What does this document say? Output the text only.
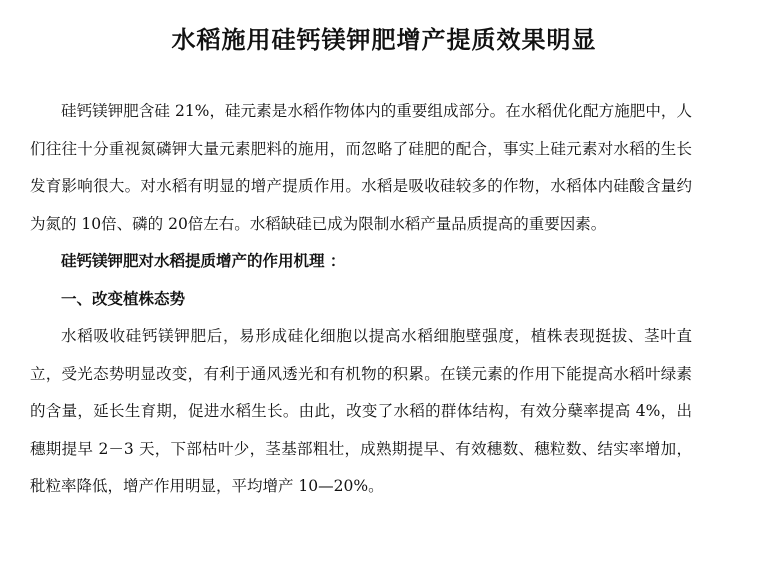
水稻施用硅钙镁钾肥增产提质效果明显

硅钙镁钾肥含硅 21%，硅元素是水稻作物体内的重要组成部分。在水稻优化配方施肥中，人们往往十分重视氮磷钾大量元素肥料的施用，而忽略了硅肥的配合，事实上硅元素对水稻的生长发育影响很大。对水稻有明显的增产提质作用。水稻是吸收硅较多的作物，水稻体内硅酸含量约为氮的 10倍、磷的 20倍左右。水稻缺硅已成为限制水稻产量品质提高的重要因素。

硅钙镁钾肥对水稻提质增产的作用机理 ：

一、改变植株态势

水稻吸收硅钙镁钾肥后，易形成硅化细胞以提高水稻细胞壁强度，植株表现挺拔、茎叶直立，受光态势明显改变，有利于通风透光和有机物的积累。在镁元素的作用下能提高水稻叶绿素的含量，延长生育期，促进水稻生长。由此，改变了水稻的群体结构，有效分蘖率提高 4%，出穗期提早 2－3 天，下部枯叶少，茎基部粗壮，成熟期提早、有效穗数、穗粒数、结实率增加，秕粒率降低，增产作用明显，平均增产 10—20%。
